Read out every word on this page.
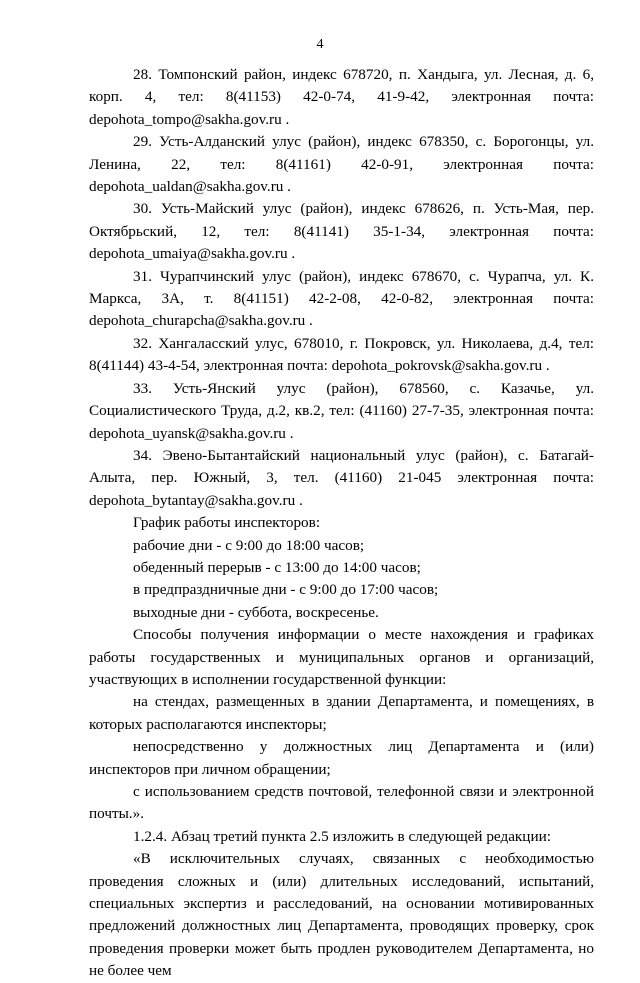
4

28. Томпонский район, индекс 678720, п. Хандыга, ул. Лесная, д. 6, корп. 4, тел: 8(41153) 42-0-74, 41-9-42, электронная почта: depohota_tompo@sakha.gov.ru .

29. Усть-Алданский улус (район), индекс 678350, с. Борогонцы, ул. Ленина, 22, тел: 8(41161) 42-0-91, электронная почта: depohota_ualdan@sakha.gov.ru .

30. Усть-Майский улус (район), индекс 678626, п. Усть-Мая, пер. Октябрьский, 12, тел: 8(41141) 35-1-34, электронная почта: depohota_umaiya@sakha.gov.ru .

31. Чурапчинский улус (район), индекс 678670, с. Чурапча, ул. К. Маркса, 3А, т. 8(41151) 42-2-08, 42-0-82, электронная почта: depohota_churapcha@sakha.gov.ru .

32. Хангаласский улус, 678010, г. Покровск, ул. Николаева, д.4, тел: 8(41144) 43-4-54, электронная почта: depohota_pokrovsk@sakha.gov.ru .

33. Усть-Янский улус (район), 678560, с. Казачье, ул. Социалистического Труда, д.2, кв.2, тел: (41160) 27-7-35, электронная почта: depohota_uyansk@sakha.gov.ru .

34. Эвено-Бытантайский национальный улус (район), с. Батагай-Алыта, пер. Южный, 3, тел. (41160) 21-045 электронная почта: depohota_bytantay@sakha.gov.ru .

График работы инспекторов:

рабочие дни - с 9:00 до 18:00 часов;

обеденный перерыв - с 13:00 до 14:00 часов;

в предпраздничные дни - с 9:00 до 17:00 часов;

выходные дни - суббота, воскресенье.

Способы получения информации о месте нахождения и графиках работы государственных и муниципальных органов и организаций, участвующих в исполнении государственной функции:

на стендах, размещенных в здании Департамента, и помещениях, в которых располагаются инспекторы;

непосредственно у должностных лиц Департамента и (или) инспекторов при личном обращении;

с использованием средств почтовой, телефонной связи и электронной почты.».

1.2.4. Абзац третий пункта 2.5 изложить в следующей редакции:

«В исключительных случаях, связанных с необходимостью проведения сложных и (или) длительных исследований, испытаний, специальных экспертиз и расследований, на основании мотивированных предложений должностных лиц Департамента, проводящих проверку, срок проведения проверки может быть продлен руководителем Департамента, но не более чем
